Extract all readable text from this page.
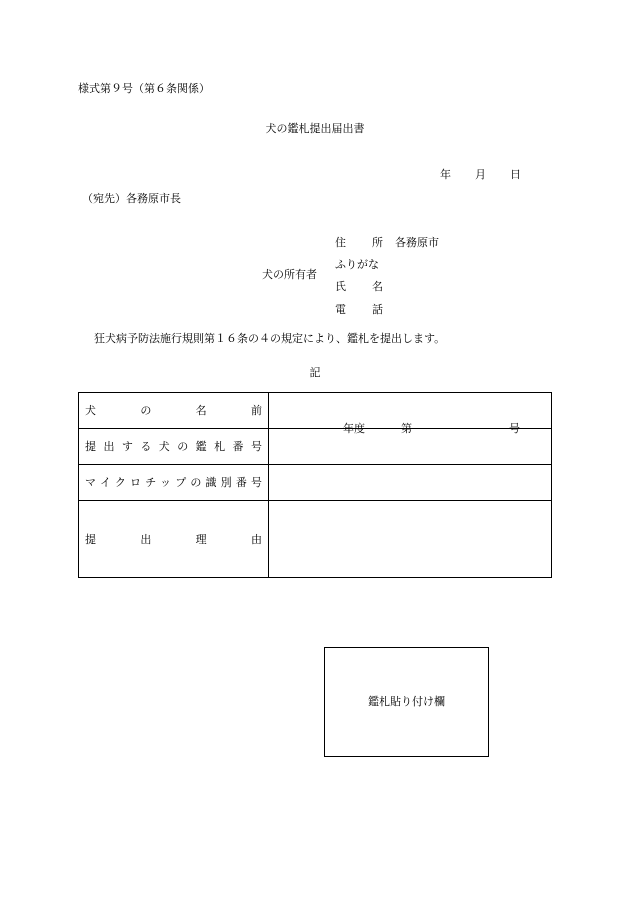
様式第９号（第６条関係）
犬の鑑札提出届出書
年 月 日
（宛先）各務原市長
犬の所有者
住所 各務原市
ふりがな
氏名
電話
狂犬病予防法施行規則第１６条の４の規定により、鑑札を提出します。
記
犬の名前	

提出する犬の鑑札番号	年度 第 号

マイクロチップの識別番号	

提出理由	

鑑札貼り付け欄
